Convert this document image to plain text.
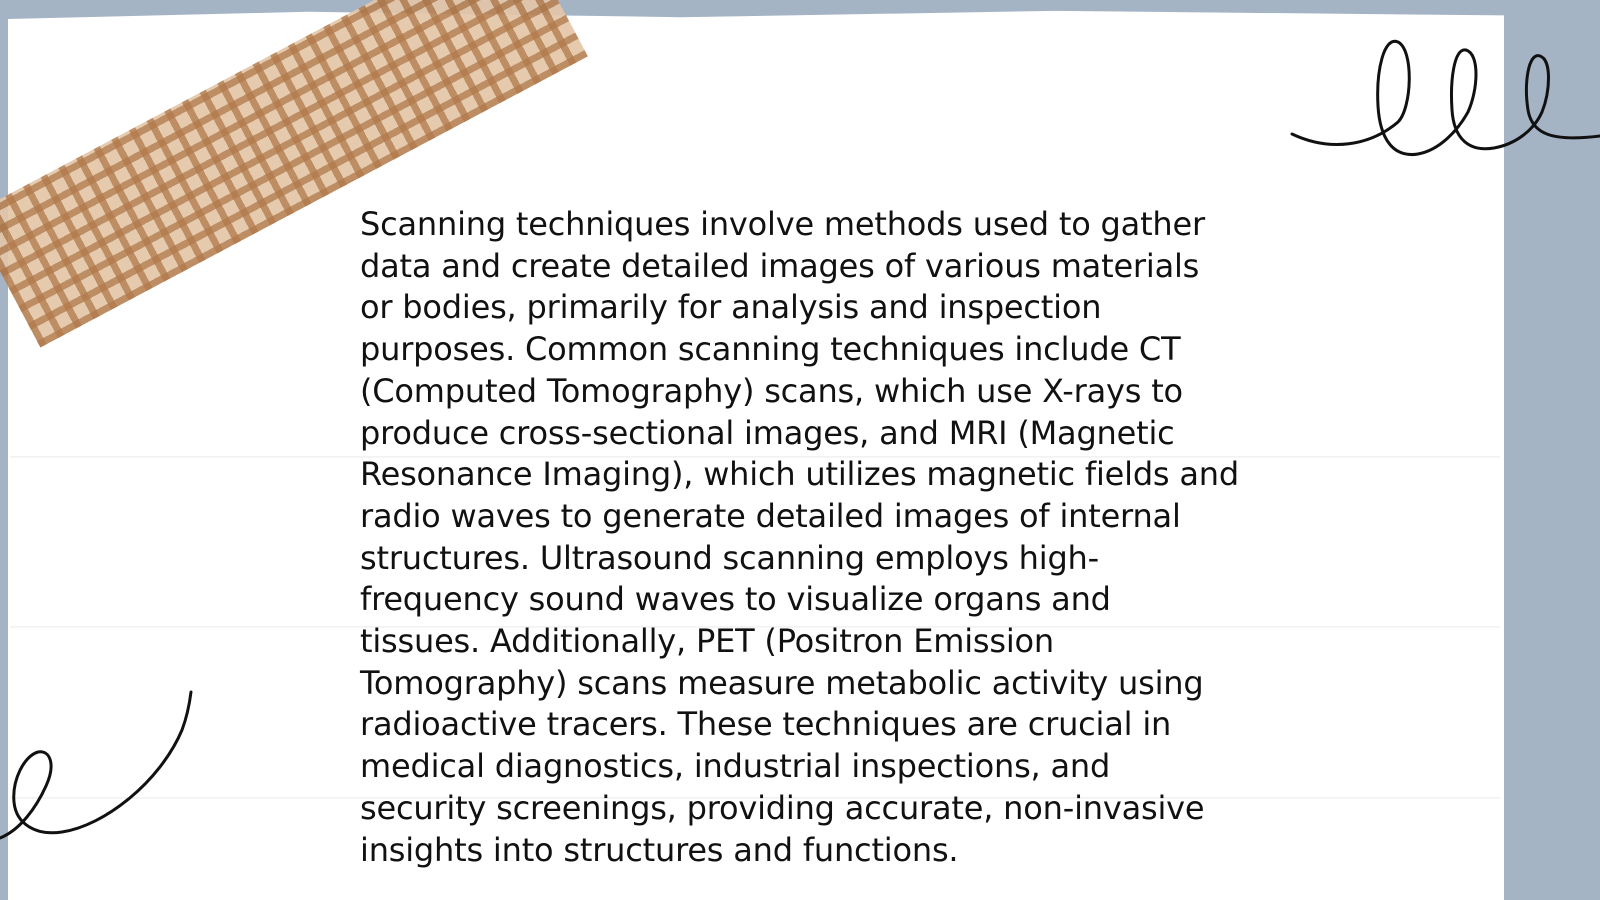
Scanning techniques involve methods used to gather data and create detailed images of various materials or bodies, primarily for analysis and inspection purposes. Common scanning techniques include CT (Computed Tomography) scans, which use X-rays to produce cross-sectional images, and MRI (Magnetic Resonance Imaging), which utilizes magnetic fields and radio waves to generate detailed images of internal structures. Ultrasound scanning employs high-frequency sound waves to visualize organs and tissues. Additionally, PET (Positron Emission Tomography) scans measure metabolic activity using radioactive tracers. These techniques are crucial in medical diagnostics, industrial inspections, and security screenings, providing accurate, non-invasive insights into structures and functions.
